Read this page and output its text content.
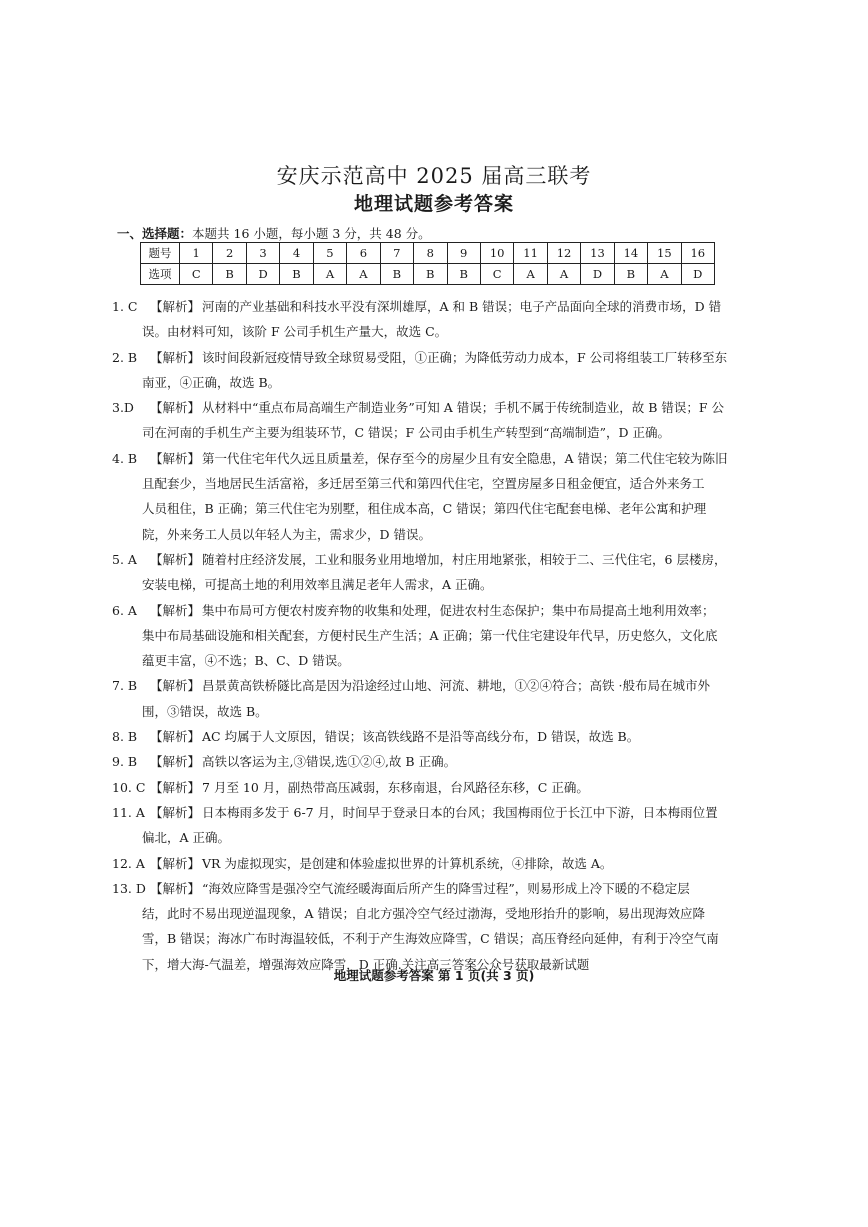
安庆示范高中 2025 届高三联考
地理试题参考答案
一、选择题：本题共 16 小题，每小题 3 分，共 48 分。
题号	1	2	3	4	5	6	7	8	9	10	11	12	13	14	15	16
选项	C	B	D	B	A	A	B	B	B	C	A	A	D	B	A	D
1. C 【解析】 河南的产业基础和科技水平没有深圳雄厚，A 和 B 错误；电子产品面向全球的消费市场，D 错
误。由材料可知，该阶 F 公司手机生产量大，故选 C。
2. B 【解析】 该时间段新冠疫情导致全球贸易受阻，①正确；为降低劳动力成本，F 公司将组装工厂转移至东
南亚，④正确，故选 B。
3.D 【解析】 从材料中“重点布局高端生产制造业务”可知 A 错误；手机不属于传统制造业，故 B 错误；F 公
司在河南的手机生产主要为组装环节，C 错误；F 公司由手机生产转型到“高端制造”，D 正确。
4. B 【解析】 第一代住宅年代久远且质量差，保存至今的房屋少且有安全隐患，A 错误；第二代住宅较为陈旧
且配套少，当地居民生活富裕，多迁居至第三代和第四代住宅，空置房屋多日租金便宜，适合外来务工
人员租住，B 正确；第三代住宅为别墅，租住成本高，C 错误；第四代住宅配套电梯、老年公寓和护理
院，外来务工人员以年轻人为主，需求少，D 错误。
5. A 【解析】 随着村庄经济发展，工业和服务业用地增加，村庄用地紧张，相较于二、三代住宅，6 层楼房，
安装电梯，可提高土地的利用效率且满足老年人需求，A 正确。
6. A 【解析】 集中布局可方便农村废弃物的收集和处理，促进农村生态保护；集中布局提高土地利用效率；
集中布局基础设施和相关配套，方便村民生产生活；A 正确；第一代住宅建设年代早，历史悠久，文化底
蕴更丰富，④不选；B、C、D 错误。
7. B 【解析】 昌景黄高铁桥隧比高是因为沿途经过山地、河流、耕地，①②④符合；高铁 ·般布局在城市外
围，③错误，故选 B。
8. B 【解析】 AC 均属于人文原因，错误；该高铁线路不是沿等高线分布，D 错误，故选 B。
9. B 【解析】 高铁以客运为主,③错误,选①②④,故 B 正确。
10. C 【解析】 7 月至 10 月，副热带高压减弱，东移南退，台风路径东移，C 正确。
11. A 【解析】 日本梅雨多发于 6-7 月，时间早于登录日本的台风；我国梅雨位于长江中下游，日本梅雨位置
偏北，A 正确。
12. A 【解析】 VR 为虚拟现实，是创建和体验虚拟世界的计算机系统，④排除，故选 A。
13. D 【解析】 “海效应降雪是强冷空气流经暖海面后所产生的降雪过程”，则易形成上冷下暖的不稳定层
结，此时不易出现逆温现象，A 错误；自北方强冷空气经过渤海，受地形抬升的影响，易出现海效应降
雪，B 错误；海冰广布时海温较低，不利于产生海效应降雪，C 错误；高压脊经向延伸，有利于冷空气南
下，增大海-气温差，增强海效应降雪，D 正确.关注高三答案公众号获取最新试题
地理试题参考答案 第 1 页(共 3 页)
